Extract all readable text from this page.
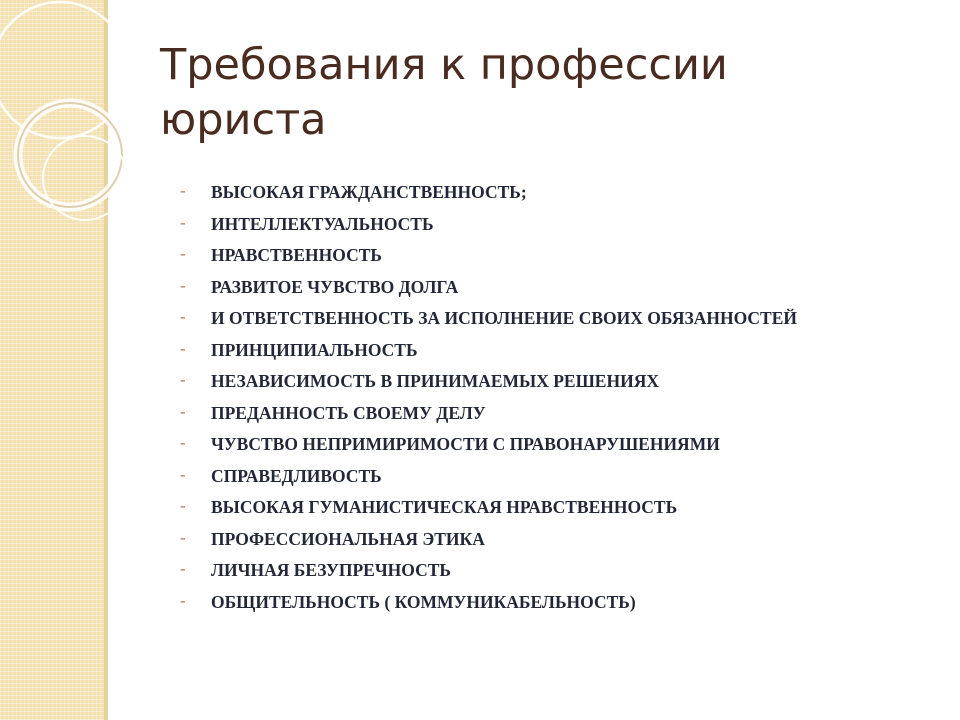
Требования к профессии юриста
- ВЫСОКАЯ ГРАЖДАНСТВЕННОСТЬ;
- ИНТЕЛЛЕКТУАЛЬНОСТЬ
- НРАВСТВЕННОСТЬ
- РАЗВИТОЕ ЧУВСТВО ДОЛГА
- И ОТВЕТСТВЕННОСТЬ ЗА ИСПОЛНЕНИЕ СВОИХ ОБЯЗАННОСТЕЙ
- ПРИНЦИПИАЛЬНОСТЬ
- НЕЗАВИСИМОСТЬ В ПРИНИМАЕМЫХ РЕШЕНИЯХ
- ПРЕДАННОСТЬ СВОЕМУ ДЕЛУ
- ЧУВСТВО НЕПРИМИРИМОСТИ С ПРАВОНАРУШЕНИЯМИ
- СПРАВЕДЛИВОСТЬ
- ВЫСОКАЯ ГУМАНИСТИЧЕСКАЯ НРАВСТВЕННОСТЬ
- ПРОФЕССИОНАЛЬНАЯ ЭТИКА
- ЛИЧНАЯ БЕЗУПРЕЧНОСТЬ
- ОБЩИТЕЛЬНОСТЬ ( КОММУНИКАБЕЛЬНОСТЬ)
